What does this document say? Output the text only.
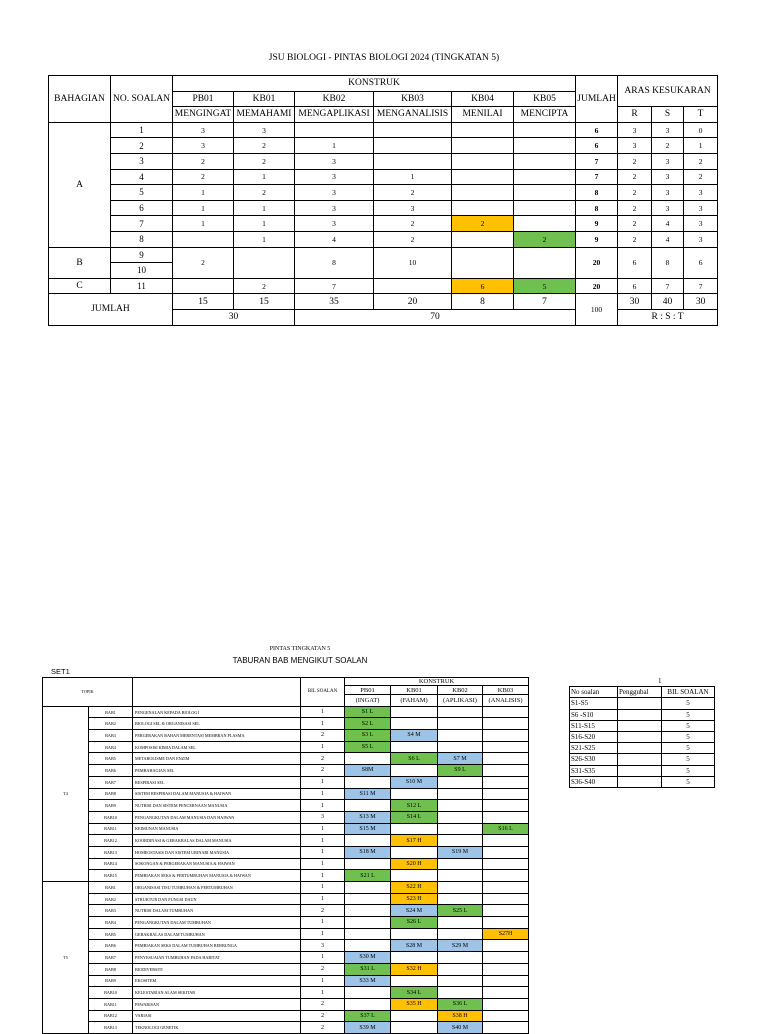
JSU BIOLOGI - PINTAS BIOLOGI 2024 (TINGKATAN 5)
BAHAGIAN	NO. SOALAN	KONSTRUK						JUMLAH	ARAS KESUKARAN		
		PB01	KB01	KB02	KB03	KB04	KB05				
		MENGINGAT	MEMAHAMI	MENGAPLIKASI	MENGANALISIS	MENILAI	MENCIPTA		R	S	T
A	1	3	3					6	3	3	0
	2	3	2	1				6	3	2	1
	3	2	2	3				7	2	3	2
	4	2	1	3	1			7	2	3	2
	5	1	2	3	2			8	2	3	3
	6	1	1	3	3			8	2	3	3
	7	1	1	3	2	2		9	2	4	3
	8		1	4	2		2	9	2	4	3
B	9	2		8	10			20	6	8	6
	10										
C	11		2	7		6	5	20	6	7	7
JUMLAH		15	15	35	20	8	7	100	30	40	30
		30		70					R : S : T		
PINTAS TINGKATAN 5
TABURAN BAB MENGIKUT SOALAN
SET1
TOPIK			BIL SOALAN	KONSTRUK			
				PB01	KB01	KB02	KB03
				(INGAT)	(FAHAM)	(APLIKASI)	(ANALISIS)
T4	BAB1	PENGENALAN KEPADA BIOLOGI	1	S1 L			
	BAB2	BIOLOGI SEL & ORGANISASI SEL	1	S2 L			
	BAB3	PERGERAKAN BAHAN MERENTASI MEMBRAN PLASMA	2	S3 L	S4 M		
	BAB4	KOMPOSISI KIMIA DALAM SEL	1	S5 L			
	BAB5	METABOLISME DAN ENZIM	2		S6 L	S7 M	
	BAB6	PEMBAHAGIAN SEL	2	S8M		S9 L	
	BAB7	RESPIRASI SEL	1		S10 M		
	BAB8	SISTEM RESPIRASI DALAM MANUSIA & HAIWAN	1	S11 M			
	BAB9	NUTRISI DAN SISTEM PENCERNAAN MANUSIA	1		S12 L		
	BAB10	PENGANGKUTAN DALAM MANUSIA DAN HAIWAN	3	S13 M	S14 L		
	BAB11	KEIMUNAN MANUSIA	1	S15 M			S16 L
	BAB12	KOORDINASI & GERAKBALAS DALAM MANUSIA	1		S17 H		
	BAB13	HOMEOSTASIS DAN SISTEM URINARI MANUSIA	1	S18 M		S19 M	
	BAB14	SOKONGAN & PERGERAKAN MANUSIA & HAIWAN	1		S20 H		
	BAB15	PEMBIAKAN SEKS & PERTUMBUHAN MANUSIA & HAIWAN	1	S21 L			
T5	BAB1	ORGANISASI TISU TUMBUHAN & PERTUMBUHAN	1		S22 H		
	BAB2	STRUKTUR DAN FUNGSI DAUN	1		S23 H		
	BAB3	NUTRISI DALAM TUMBUHAN	2		S24 M	S25 L	
	BAB4	PENGANGKUTAN DALAM TUMBUHAN	1		S26 L		
	BAB5	GERAKBALAS DALAM TUMBUHAN	1				S27H
	BAB6	PEMBIAKAN SEKS DALAM TUMBUHAN BERBUNGA	3		S28 M	S29 M	
	BAB7	PENYESUAIAN TUMBUHAN PADA HABITAT	1	S30 M			
	BAB8	BIODIVERSITI	2	S31 L	S32 H		
	BAB9	EKOSITEM	1	S33 M			
	BAB10	KELESTARIAN ALAM SEKITAR	1		S34 L		
	BAB11	PEWARISAN	2		S35 H	S36 L	
	BAB12	VARIASI	2	S37 L		S38 H	
	BAB13	TEKNOLOGI GENETIK	2	S39 M		S40 M	
	1	
No soalan	Penggubal	BIL SOALAN
S1-S5		5
S6 -S10		5
S11-S15		5
S16-S20		5
S21-S25		5
S26-S30		5
S31-S35		5
S36-S40		5
